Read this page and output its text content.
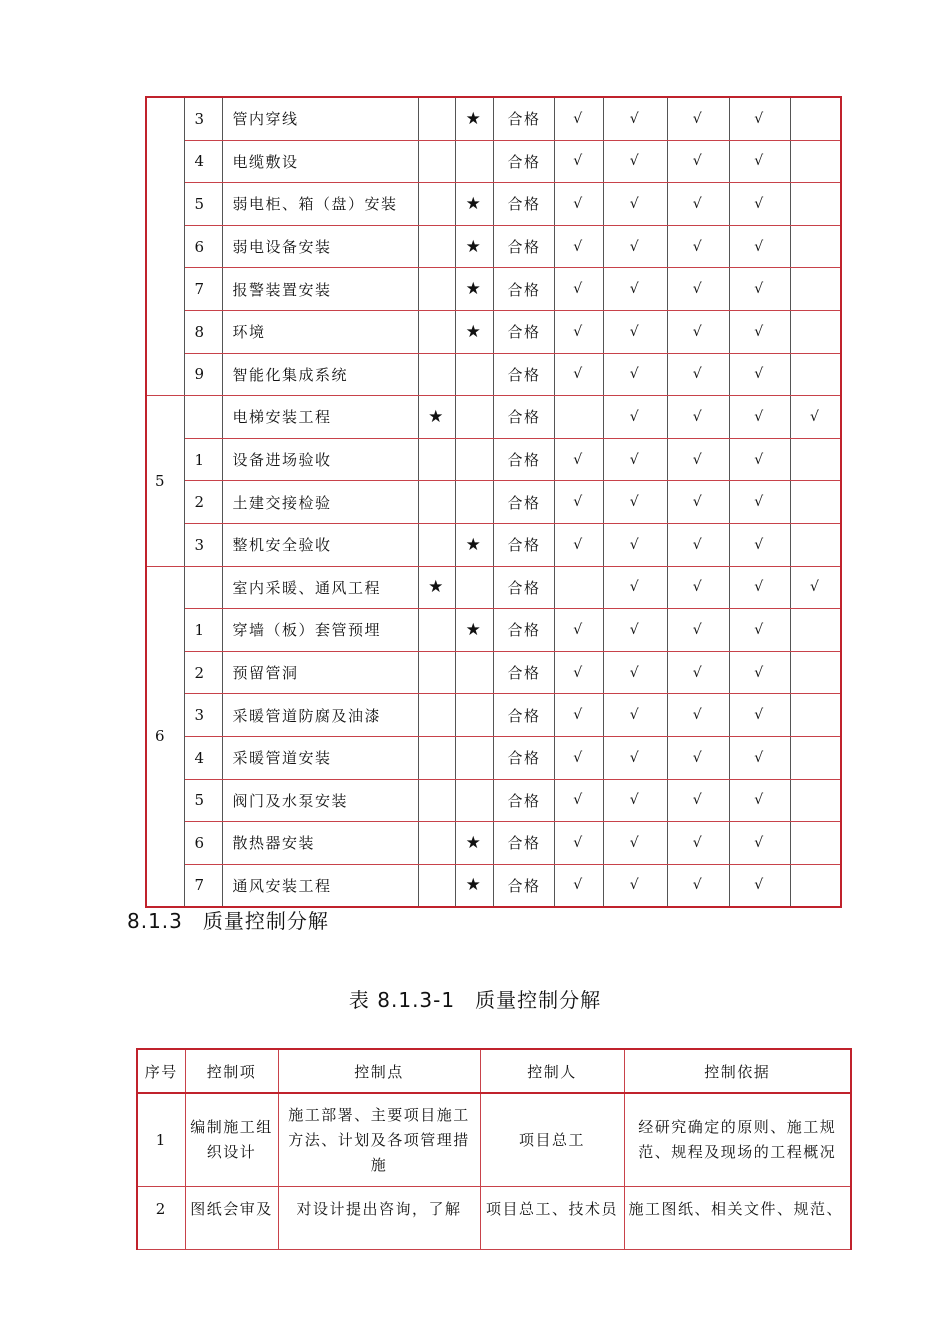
	3	管内穿线		★	合格	√	√	√	√	
	4	电缆敷设			合格	√	√	√	√	
	5	弱电柜、箱（盘）安装		★	合格	√	√	√	√	
	6	弱电设备安装		★	合格	√	√	√	√	
	7	报警装置安装		★	合格	√	√	√	√	
	8	环境		★	合格	√	√	√	√	
	9	智能化集成系统			合格	√	√	√	√	
5		电梯安装工程	★		合格		√	√	√	√
	1	设备进场验收			合格	√	√	√	√	
	2	土建交接检验			合格	√	√	√	√	
	3	整机安全验收		★	合格	√	√	√	√	
6		室内采暖、通风工程	★		合格		√	√	√	√
	1	穿墙（板）套管预埋		★	合格	√	√	√	√	
	2	预留管洞			合格	√	√	√	√	
	3	采暖管道防腐及油漆			合格	√	√	√	√	
	4	采暖管道安装			合格	√	√	√	√	
	5	阀门及水泵安装			合格	√	√	√	√	
	6	散热器安装		★	合格	√	√	√	√	
	7	通风安装工程		★	合格	√	√	√	√	
8.1.3 质量控制分解
表 8.1.3-1 质量控制分解
序号	控制项	控制点	控制人	控制依据
1	编制施工组织设计	施工部署、主要项目施工方法、计划及各项管理措施	项目总工	经研究确定的原则、施工规范、规程及现场的工程概况
2	图纸会审及	对设计提出咨询，了解	项目总工、技术员	施工图纸、相关文件、规范、
